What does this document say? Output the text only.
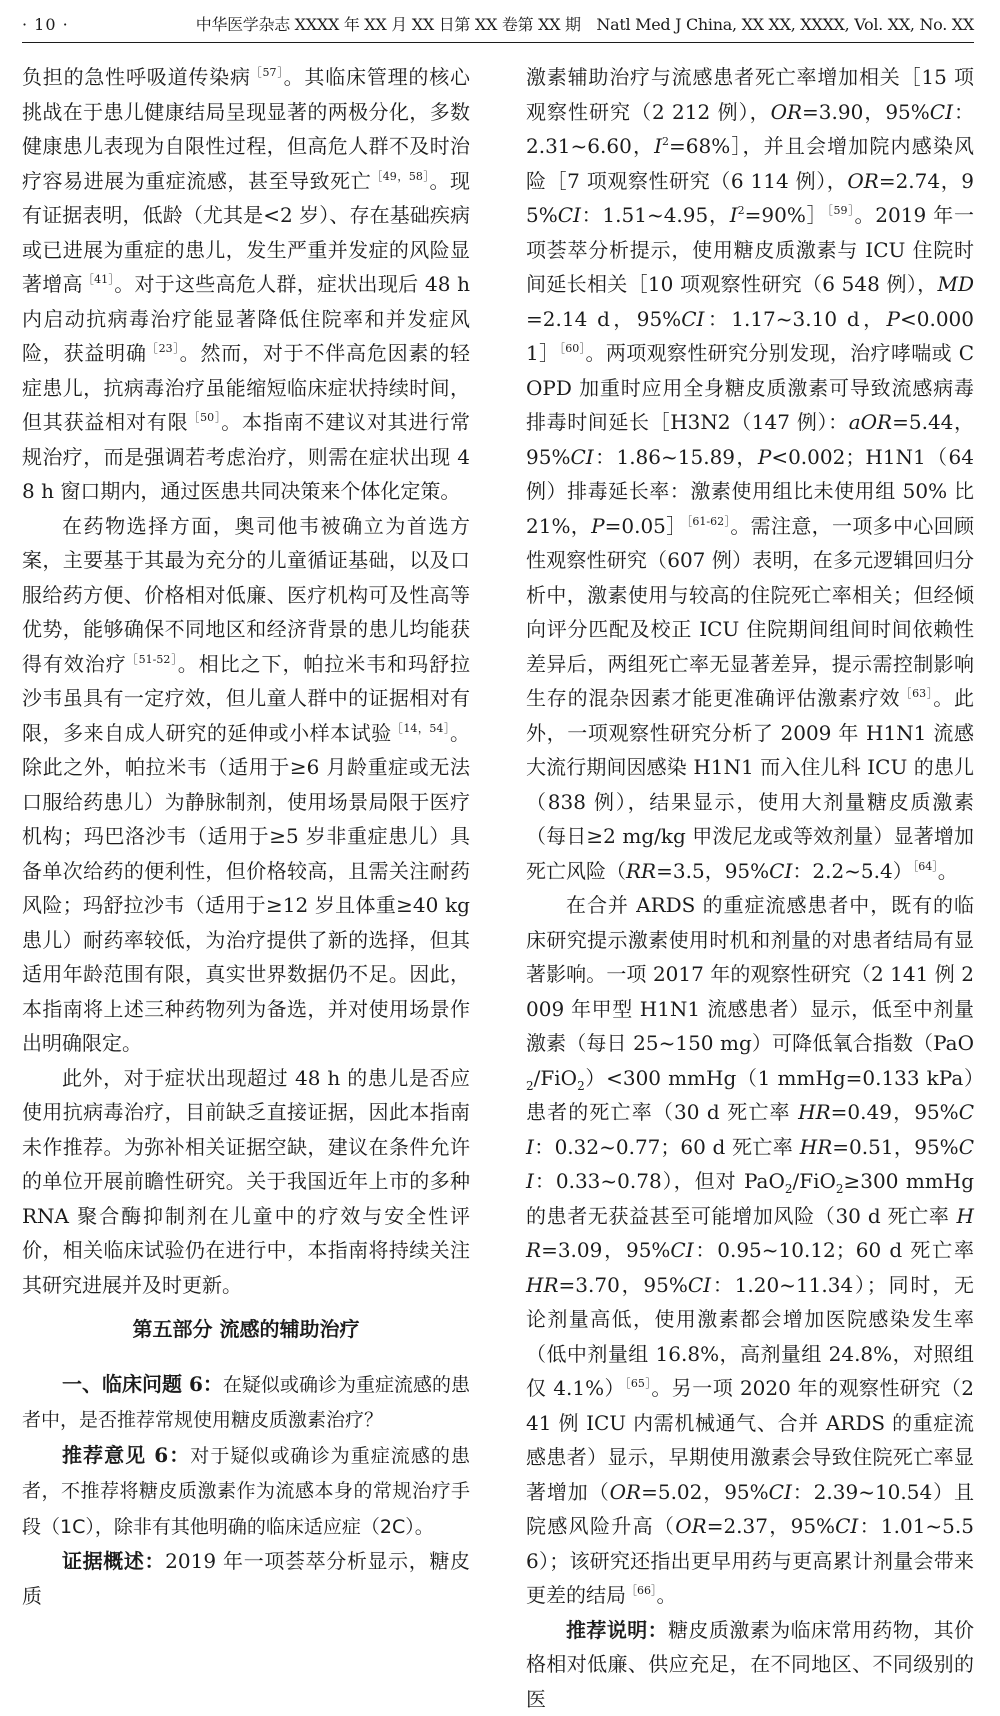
· 10 ·	中华医学杂志 XXXX 年 XX 月 XX 日第 XX 卷第 XX 期　Natl Med J China, XX XX, XXXX, Vol. XX, No. XX

负担的急性呼吸道传染病$^{[57]}$。其临床管理的核心挑战在于患儿健康结局呈现显著的两极分化，多数健康患儿表现为自限性过程，但高危人群不及时治疗容易进展为重症流感，甚至导致死亡$^{[49,58]}$。现有证据表明，低龄（尤其是<2 岁）、存在基础疾病或已进展为重症的患儿，发生严重并发症的风险显著增高$^{[41]}$。对于这些高危人群，症状出现后 48 h 内启动抗病毒治疗能显著降低住院率和并发症风险，获益明确$^{[23]}$。然而，对于不伴高危因素的轻症患儿，抗病毒治疗虽能缩短临床症状持续时间，但其获益相对有限$^{[50]}$。本指南不建议对其进行常规治疗，而是强调若考虑治疗，则需在症状出现 48 h 窗口期内，通过医患共同决策来个体化定策。

在药物选择方面，奥司他韦被确立为首选方案，主要基于其最为充分的儿童循证基础，以及口服给药方便、价格相对低廉、医疗机构可及性高等优势，能够确保不同地区和经济背景的患儿均能获得有效治疗$^{[51-52]}$。相比之下，帕拉米韦和玛舒拉沙韦虽具有一定疗效，但儿童人群中的证据相对有限，多来自成人研究的延伸或小样本试验$^{[14,54]}$。除此之外，帕拉米韦（适用于≥6 月龄重症或无法口服给药患儿）为静脉制剂，使用场景局限于医疗机构；玛巴洛沙韦（适用于≥5 岁非重症患儿）具备单次给药的便利性，但价格较高，且需关注耐药风险；玛舒拉沙韦（适用于≥12 岁且体重≥40 kg 患儿）耐药率较低，为治疗提供了新的选择，但其适用年龄范围有限，真实世界数据仍不足。因此，本指南将上述三种药物列为备选，并对使用场景作出明确限定。

此外，对于症状出现超过 48 h 的患儿是否应使用抗病毒治疗，目前缺乏直接证据，因此本指南未作推荐。为弥补相关证据空缺，建议在条件允许的单位开展前瞻性研究。关于我国近年上市的多种 RNA 聚合酶抑制剂在儿童中的疗效与安全性评价，相关临床试验仍在进行中，本指南将持续关注其研究进展并及时更新。

第五部分 流感的辅助治疗

一、临床问题 6：在疑似或确诊为重症流感的患者中，是否推荐常规使用糖皮质激素治疗？

推荐意见 6：对于疑似或确诊为重症流感的患者，不推荐将糖皮质激素作为流感本身的常规治疗手段（1C），除非有其他明确的临床适应症（2C）。

证据概述：2019 年一项荟萃分析显示，糖皮质

激素辅助治疗与流感患者死亡率增加相关［15 项观察性研究（2 212 例），OR=3.90，95%CI：2.31~6.60，$I^2=68\%]$，并且会增加院内感染风险［7 项观察性研究（6 114 例），OR=2.74，95%CI：1.51~4.95，$I^2=90\%]^{[59]}$。2019 年一项荟萃分析提示，使用糖皮质激素与 ICU 住院时间延长相关［10 项观察性研究（6 548 例），MD=2.14 d，95%CI：1.17~3.10 d，P<0.000 1］$^{[60]}$。两项观察性研究分别发现，治疗哮喘或 COPD 加重时应用全身糖皮质激素可导致流感病毒排毒时间延长［H3N2（147 例）：aOR=5.44，95%CI：1.86~15.89，P<0.002；H1N1（64 例）排毒延长率：激素使用组比未使用组 50% 比 21%，P=0.05］$^{[61-62]}$。需注意，一项多中心回顾性观察性研究（607 例）表明，在多元逻辑回归分析中，激素使用与较高的住院死亡率相关；但经倾向评分匹配及校正 ICU 住院期间组间时间依赖性差异后，两组死亡率无显著差异，提示需控制影响生存的混杂因素才能更准确评估激素疗效$^{[63]}$。此外，一项观察性研究分析了 2009 年 H1N1 流感大流行期间因感染 H1N1 而入住儿科 ICU 的患儿（838 例），结果显示，使用大剂量糖皮质激素（每日≥2 mg/kg 甲泼尼龙或等效剂量）显著增加死亡风险（RR=3.5，95%CI：2.2~5.4）$^{[64]}$。

在合并 ARDS 的重症流感患者中，既有的临床研究提示激素使用时机和剂量的对患者结局有显著影响。一项 2017 年的观察性研究（2 141 例 2009 年甲型 H1N1 流感患者）显示，低至中剂量激素（每日 25~150 mg）可降低氧合指数（PaO$_2$/FiO$_2$）<300 mmHg（1 mmHg=0.133 kPa）患者的死亡率（30 d 死亡率 HR=0.49，95%CI：0.32~0.77；60 d 死亡率 HR=0.51，95%CI：0.33~0.78），但对 PaO$_2$/FiO$_2$≥300 mmHg 的患者无获益甚至可能增加风险（30 d 死亡率 HR=3.09，95%CI：0.95~10.12；60 d 死亡率 HR=3.70，95%CI：1.20~11.34）；同时，无论剂量高低，使用激素都会增加医院感染发生率（低中剂量组 16.8%，高剂量组 24.8%，对照组仅 4.1%）$^{[65]}$。另一项 2020 年的观察性研究（241 例 ICU 内需机械通气、合并 ARDS 的重症流感患者）显示，早期使用激素会导致住院死亡率显著增加（OR=5.02，95%CI：2.39~10.54）且院感风险升高（OR=2.37，95%CI：1.01~5.56）；该研究还指出更早用药与更高累计剂量会带来更差的结局$^{[66]}$。

推荐说明：糖皮质激素为临床常用药物，其价格相对低廉、供应充足，在不同地区、不同级别的医
